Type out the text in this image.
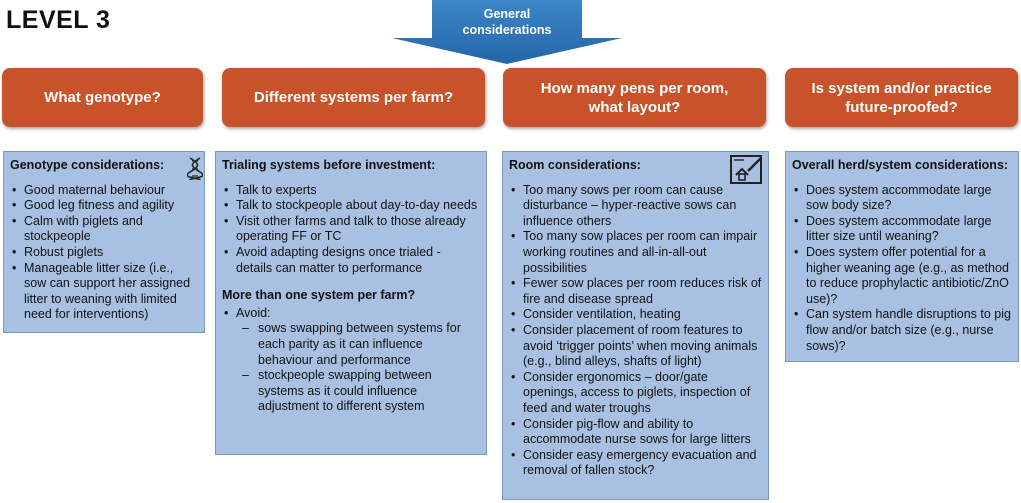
LEVEL 3	General
considerations
What genotype?	Different systems per farm?
How many pens per room,
what layout?
Is system and/or practice
future-proofed?
Genotype considerations:
• Good maternal behaviour
• Good leg fitness and agility
• Calm with piglets and stockpeople
• Robust piglets
• Manageable litter size (i.e., sow can support her assigned litter to weaning with limited need for interventions)
Trialing systems before investment:
• Talk to experts
• Talk to stockpeople about day-to-day needs
• Visit other farms and talk to those already operating FF or TC
• Avoid adapting designs once trialed - details can matter to performance
More than one system per farm?
• Avoid:
– sows swapping between systems for each parity as it can influence behaviour and performance
– stockpeople swapping between systems as it could influence adjustment to different system
Room considerations:
• Too many sows per room can cause disturbance – hyper-reactive sows can influence others
• Too many sow places per room can impair working routines and all-in-all-out possibilities
• Fewer sow places per room reduces risk of fire and disease spread
• Consider ventilation, heating
• Consider placement of room features to avoid ‘trigger points’ when moving animals (e.g., blind alleys, shafts of light)
• Consider ergonomics – door/gate openings, access to piglets, inspection of feed and water troughs
• Consider pig-flow and ability to accommodate nurse sows for large litters
• Consider easy emergency evacuation and removal of fallen stock?
Overall herd/system considerations:
• Does system accommodate large sow body size?
• Does system accommodate large litter size until weaning?
• Does system offer potential for a higher weaning age (e.g., as method to reduce prophylactic antibiotic/ZnO use)?
• Can system handle disruptions to pig flow and/or batch size (e.g., nurse sows)?
